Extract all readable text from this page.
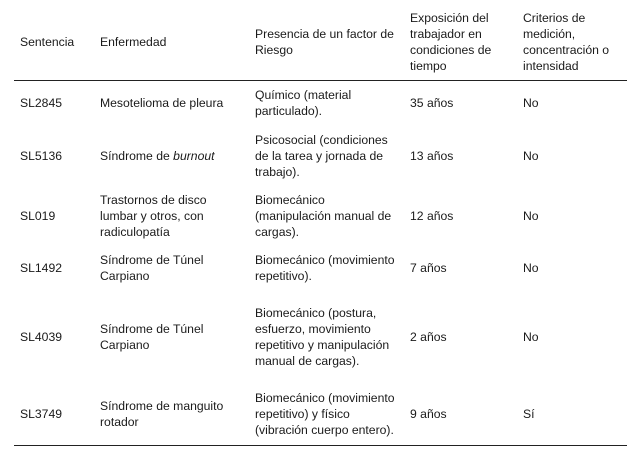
Sentencia	Enfermedad	Presencia de un factor de Riesgo	Exposición del trabajador en condiciones de tiempo	Criterios de medición, concentración o intensidad
SL2845	Mesotelioma de pleura	Químico (material particulado).	35 años	No
SL5136	Síndrome de burnout	Psicosocial (condiciones de la tarea y jornada de trabajo).	13 años	No
SL019	Trastornos de disco lumbar y otros, con radiculopatía	Biomecánico (manipulación manual de cargas).	12 años	No
SL1492	Síndrome de Túnel Carpiano	Biomecánico (movimiento repetitivo).	7 años	No
SL4039	Síndrome de Túnel Carpiano	Biomecánico (postura, esfuerzo, movimiento repetitivo y manipulación manual de cargas).	2 años	No
SL3749	Síndrome de manguito rotador	Biomecánico (movimiento repetitivo) y físico (vibración cuerpo entero).	9 años	Sí
